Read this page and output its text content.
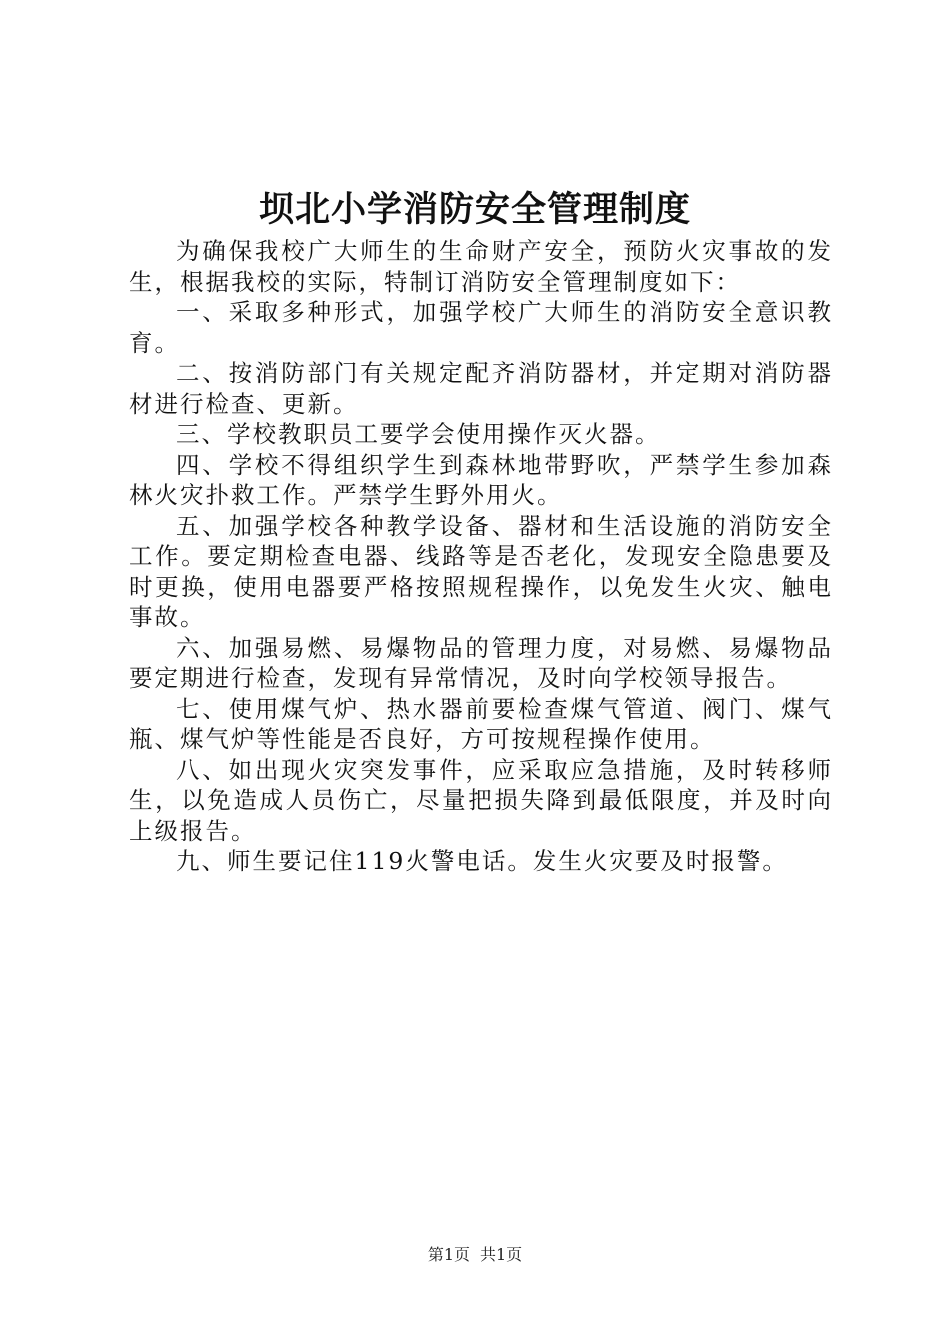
坝北小学消防安全管理制度

为确保我校广大师生的生命财产安全，预防火灾事故的发生，根据我校的实际，特制订消防安全管理制度如下：

一、采取多种形式，加强学校广大师生的消防安全意识教育。

二、按消防部门有关规定配齐消防器材，并定期对消防器材进行检查、更新。

三、学校教职员工要学会使用操作灭火器。

四、学校不得组织学生到森林地带野吹，严禁学生参加森林火灾扑救工作。严禁学生野外用火。

五、加强学校各种教学设备、器材和生活设施的消防安全工作。要定期检查电器、线路等是否老化，发现安全隐患要及时更换，使用电器要严格按照规程操作，以免发生火灾、触电事故。

六、加强易燃、易爆物品的管理力度，对易燃、易爆物品要定期进行检查，发现有异常情况，及时向学校领导报告。

七、使用煤气炉、热水器前要检查煤气管道、阀门、煤气瓶、煤气炉等性能是否良好，方可按规程操作使用。

八、如出现火灾突发事件，应采取应急措施，及时转移师生，以免造成人员伤亡，尽量把损失降到最低限度，并及时向上级报告。

九、师生要记住119火警电话。发生火灾要及时报警。

第1页 共1页
